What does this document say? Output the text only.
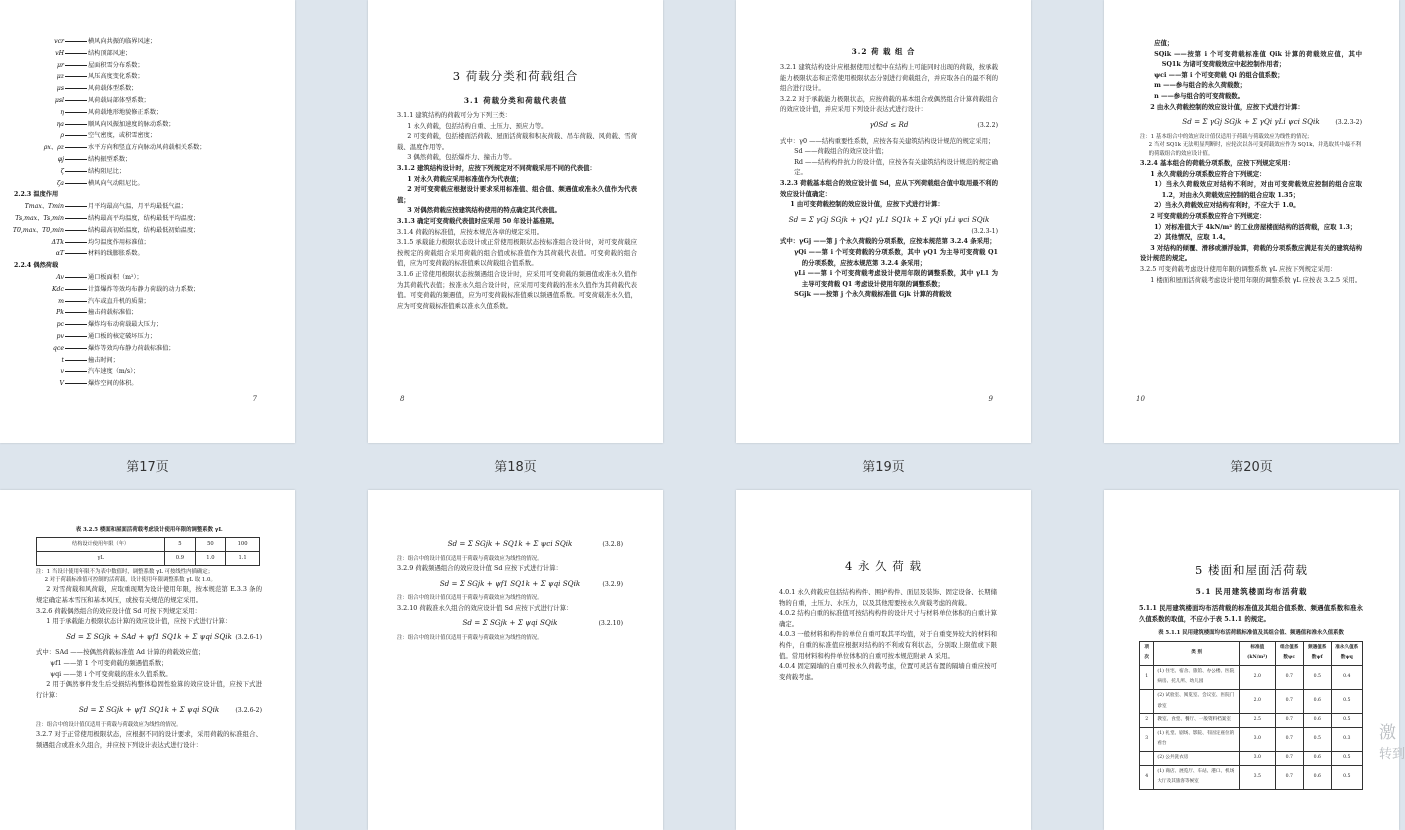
vcr	横风向共振的临界风速；
vH	结构顶部风速；
μr	屋面积雪分布系数；
μz	风压高度变化系数；
μs	风荷载体型系数；
μsl	风荷载局部体型系数；
η	风荷载地形地貌修正系数；
ηa	顺风向风振加速度的脉动系数；
ρ	空气密度，或积雪密度；
ρx、ρz	水平方向和竖直方向脉动风荷载相关系数；
φj	结构振型系数；
ζ	结构阻尼比；
ζa	横风向气动阻尼比。
2.2.3 温度作用
Tmax、Tmin	月平均最高气温，月平均最低气温；
Ts,max、Ts,min	结构最高平均温度，结构最低平均温度；
T0,max、T0,min	结构最高初始温度，结构最低初始温度；
ΔTk	均匀温度作用标准值；
αT	材料的线膨胀系数。
2.2.4 偶然荷载
Av	通口板面积（m²）；
Kdc	计算爆炸等效均布静力荷载的动力系数；
m	汽车或直升机的质量；
Pk	撞击荷载标准值；
pc	爆炸均布动荷载最大压力；
pv	通口板的核定破坏压力；
qce	爆炸等效均布静力荷载标准值；
t	撞击时间；
v	汽车速度（m/s）；
V	爆炸空间的体积。
7
第17页
3 荷载分类和荷载组合
3.1 荷载分类和荷载代表值

3.1.1 建筑结构的荷载可分为下列三类：

1 永久荷载，包括结构自重、土压力、预应力等。

2 可变荷载，包括楼面活荷载、屋面活荷载和积灰荷载、吊车荷载、风荷载、雪荷载、温度作用等。

3 偶然荷载，包括爆炸力、撞击力等。

3.1.2 建筑结构设计时，应按下列规定对不同荷载采用不同的代表值：

1 对永久荷载应采用标准值作为代表值；

2 对可变荷载应根据设计要求采用标准值、组合值、频遇值或准永久值作为代表值；

3 对偶然荷载应按建筑结构使用的特点确定其代表值。

3.1.3 确定可变荷载代表值时应采用 50 年设计基准期。

3.1.4 荷载的标准值，应按本规范各章的规定采用。

3.1.5 承载能力极限状态设计或正常使用极限状态按标准组合设计时，对可变荷载应按规定的荷载组合采用荷载的组合值或标准值作为其荷载代表值。可变荷载的组合值，应为可变荷载的标准值乘以荷载组合值系数。

3.1.6 正常使用极限状态按频遇组合设计时，应采用可变荷载的频遇值或准永久值作为其荷载代表值；按准永久组合设计时，应采用可变荷载的准永久值作为其荷载代表值。可变荷载的频遇值，应为可变荷载标准值乘以频遇值系数。可变荷载准永久值，应为可变荷载标准值乘以准永久值系数。

8
第18页
3.2 荷 载 组 合

3.2.1 建筑结构设计应根据使用过程中在结构上可能同时出现的荷载，按承载能力极限状态和正常使用极限状态分别进行荷载组合，并应取各自的最不利的组合进行设计。

3.2.2 对于承载能力极限状态，应按荷载的基本组合或偶然组合计算荷载组合的效应设计值，并应采用下列设计表达式进行设计：

γ0Sd ≤ Rd	(3.2.2)

式中：γ0 ——结构重要性系数，应按各有关建筑结构设计规范的规定采用；

Sd ——荷载组合的效应设计值；

Rd ——结构构件抗力的设计值，应按各有关建筑结构设计规范的规定确定。

3.2.3 荷载基本组合的效应设计值 Sd，应从下列荷载组合值中取用最不利的效应设计值确定：

1 由可变荷载控制的效应设计值，应按下式进行计算：

Sd = Σ γGj SGjk + γQ1 γL1 SQ1k + Σ γQi γLi ψci SQik
(3.2.3-1)

式中：γGj ——第 j 个永久荷载的分项系数，应按本规范第 3.2.4 条采用；

γQi ——第 i 个可变荷载的分项系数，其中 γQ1 为主导可变荷载 Q1 的分项系数，应按本规范第 3.2.4 条采用；

γLi ——第 i 个可变荷载考虑设计使用年限的调整系数，其中 γL1 为主导可变荷载 Q1 考虑设计使用年限的调整系数；

SGjk ——按第 j 个永久荷载标准值 Gjk 计算的荷载效

9
第19页

应值；

SQik ——按第 i 个可变荷载标准值 Qik 计算的荷载效应值，其中 SQ1k 为诸可变荷载效应中起控制作用者；

ψci ——第 i 个可变荷载 Qi 的组合值系数；

m ——参与组合的永久荷载数；

n ——参与组合的可变荷载数。

2 由永久荷载控制的效应设计值，应按下式进行计算：

Sd = Σ γGj SGjk + Σ γQi γLi ψci SQik	(3.2.3-2)
注：1 基本组合中的效应设计值仅适用于荷载与荷载效应为线性的情况；
2 当对 SQ1k 无法明显判断时，应轮次以各可变荷载效应作为 SQ1k，并选取其中最不利的荷载组合的效应设计值。

3.2.4 基本组合的荷载分项系数，应按下列规定采用：

1 永久荷载的分项系数应符合下列规定：

1）当永久荷载效应对结构不利时，对由可变荷载效应控制的组合应取 1.2，对由永久荷载效应控制的组合应取 1.35；

2）当永久荷载效应对结构有利时，不应大于 1.0。

2 可变荷载的分项系数应符合下列规定：

1）对标准值大于 4kN/m² 的工业房屋楼面结构的活荷载，应取 1.3；

2）其他情况，应取 1.4。

3 对结构的倾覆、滑移或漂浮验算，荷载的分项系数应满足有关的建筑结构设计规范的规定。

3.2.5 可变荷载考虑设计使用年限的调整系数 γL 应按下列规定采用：

1 楼面和屋面活荷载考虑设计使用年限的调整系数 γL 应按表 3.2.5 采用。

10
第20页
表 3.2.5 楼面和屋面活荷载考虑设计使用年限的调整系数 γL
结构设计使用年限（年）	5	50	100
γL	0.9	1.0	1.1
注：1 当设计使用年限不为表中数值时，调整系数 γL 可按线性内插确定；
2 对于荷载标准值可控制的活荷载，设计使用年限调整系数 γL 取 1.0。

2 对雪荷载和风荷载，应取重现期为设计使用年限，按本规范第 E.3.3 条的规定确定基本雪压和基本风压，或按有关规范的规定采用。

3.2.6 荷载偶然组合的效应设计值 Sd 可按下列规定采用：

1 用于承载能力极限状态计算的效应设计值，应按下式进行计算：

Sd = Σ SGjk + SAd + ψf1 SQ1k + Σ ψqi SQik (3.2.6-1)

式中：SAd ——按偶然荷载标准值 Ad 计算的荷载效应值；

ψf1 ——第 1 个可变荷载的频遇值系数；

ψqi ——第 i 个可变荷载的准永久值系数。

2 用于偶然事件发生后受损结构整体稳固性验算的效应设计值，应按下式进行计算：

Sd = Σ SGjk + ψf1 SQ1k + Σ ψqi SQik	(3.2.6-2)
注：组合中的设计值仅适用于荷载与荷载效应为线性的情况。

3.2.7 对于正常使用极限状态，应根据不同的设计要求，采用荷载的标准组合、频遇组合或准永久组合，并应按下列设计表达式进行设计：

Sd = Σ SGjk + SQ1k + Σ ψci SQik	(3.2.8)
注：组合中的设计值仅适用于荷载与荷载效应为线性的情况。

3.2.9 荷载频遇组合的效应设计值 Sd 应按下式进行计算：

Sd = Σ SGjk + ψf1 SQ1k + Σ ψqi SQik	(3.2.9)
注：组合中的设计值仅适用于荷载与荷载效应为线性的情况。

3.2.10 荷载准永久组合的效应设计值 Sd 应按下式进行计算：

Sd = Σ SGjk + Σ ψqi SQik	(3.2.10)
注：组合中的设计值仅适用于荷载与荷载效应为线性的情况。
4 永 久 荷 载

4.0.1 永久荷载应包括结构构件、围护构件、面层及装饰、固定设备、长期储物的自重，土压力、水压力，以及其他需要按永久荷载考虑的荷载。

4.0.2 结构自重的标准值可按结构构件的设计尺寸与材料单位体积的自重计算确定。

4.0.3 一般材料和构件的单位自重可取其平均值，对于自重变异较大的材料和构件，自重的标准值应根据对结构的不利或有利状态，分别取上限值或下限值。常用材料和构件单位体积的自重可按本规范附录 A 采用。

4.0.4 固定隔墙的自重可按永久荷载考虑，位置可灵活布置的隔墙自重应按可变荷载考虑。

5 楼面和屋面活荷载
5.1 民用建筑楼面均布活荷载

5.1.1 民用建筑楼面均布活荷载的标准值及其组合值系数、频遇值系数和准永久值系数的取值，不应小于表 5.1.1 的规定。

表 5.1.1 民用建筑楼面均布活荷载标准值及其组合值、频遇值和准永久值系数
项次	类 别	标准值(kN/m²)	组合值系数ψc	频遇值系数ψf	准永久值系数ψq
1	(1) 住宅、宿舍、旅馆、办公楼、医院病房、托儿所、幼儿园	2.0	0.7	0.5	0.4
	(2) 试验室、阅览室、会议室、医院门诊室	2.0	0.7	0.6	0.5
2	教室、食堂、餐厅、一般资料档案室	2.5	0.7	0.6	0.5
3	(1) 礼堂、剧场、影院、有固定座位的看台	3.0	0.7	0.5	0.3
	(2) 公共洗衣房	3.0	0.7	0.6	0.5
4	(1) 商店、展览厅、车站、港口、机场大厅及其旅客等候室	3.5	0.7	0.6	0.5
激
转到
